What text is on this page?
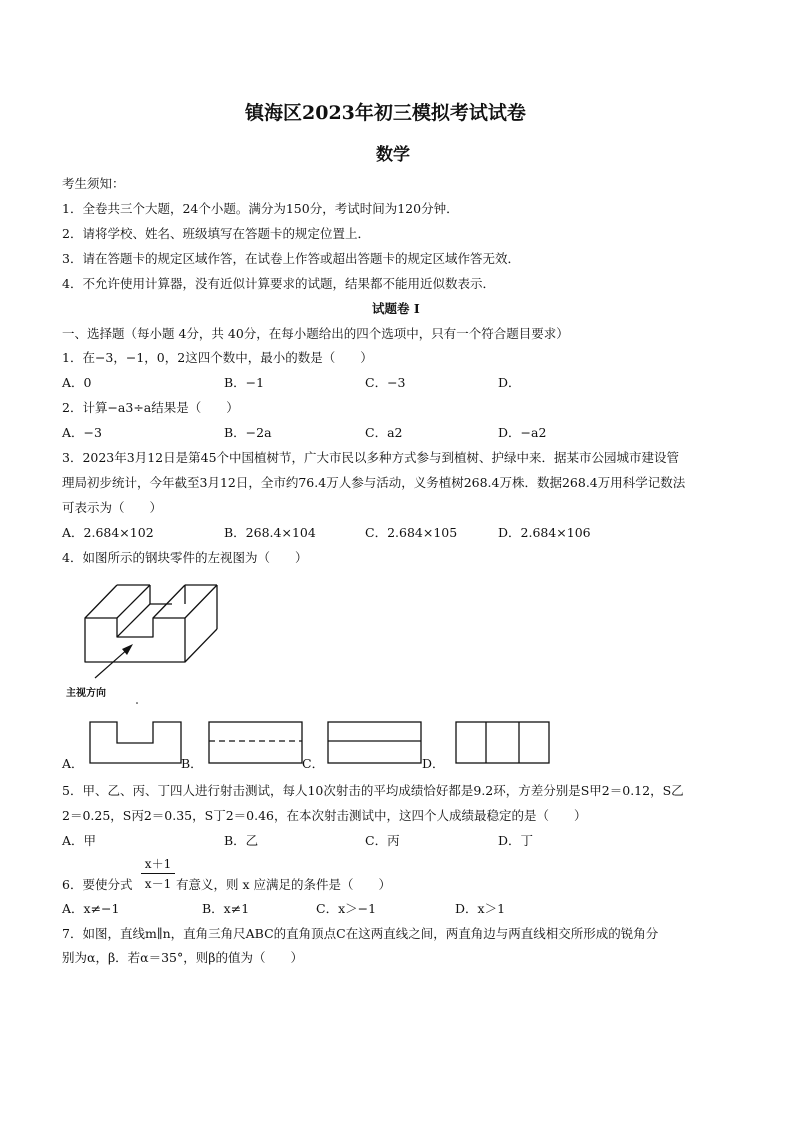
镇海区2023年初三模拟考试试卷
数学
考生须知：
1．全卷共三个大题，24个小题。满分为150分，考试时间为120分钟．
2．请将学校、姓名、班级填写在答题卡的规定位置上．
3．请在答题卡的规定区域作答，在试卷上作答或超出答题卡的规定区域作答无效．
4．不允许使用计算器，没有近似计算要求的试题，结果都不能用近似数表示．
试题卷 I
一、选择题（每小题 4分，共 40分，在每小题给出的四个选项中，只有一个符合题目要求）
1．在−3，−1，0，2这四个数中，最小的数是（　　）
A．0	B．−1	C．−3	D．
2．计算−a3÷a结果是（　　）
A．−3	B．−2a	C．a2	D．−a2
3．2023年3月12日是第45个中国植树节，广大市民以多种方式参与到植树、护绿中来．据某市公园城市建设管
理局初步统计，今年截至3月12日，全市约76.4万人参与活动，义务植树268.4万株．数据268.4万用科学记数法
可表示为（　　）
A．2.684×102	B．268.4×104	C．2.684×105	D．2.684×106
4．如图所示的钢块零件的左视图为（　　）
主视方向
A．	B．	C．	D．
5．甲、乙、丙、丁四人进行射击测试，每人10次射击的平均成绩恰好都是9.2环，方差分别是S甲2＝0.12，S乙
2＝0.25，S丙2＝0.35，S丁2＝0.46，在本次射击测试中，这四个人成绩最稳定的是（　　）
A．甲	B．乙	C．丙	D．丁
6．要使分式
x＋1
x－1 有意义，则 x 应满足的条件是（　　）
A．x≠−1	B．x≠1	C．x＞−1	D．x＞1
7．如图，直线m∥n，直角三角尺ABC的直角顶点C在这两直线之间，两直角边与两直线相交所形成的锐角分
别为α，β．若α＝35°，则β的值为（　　）
